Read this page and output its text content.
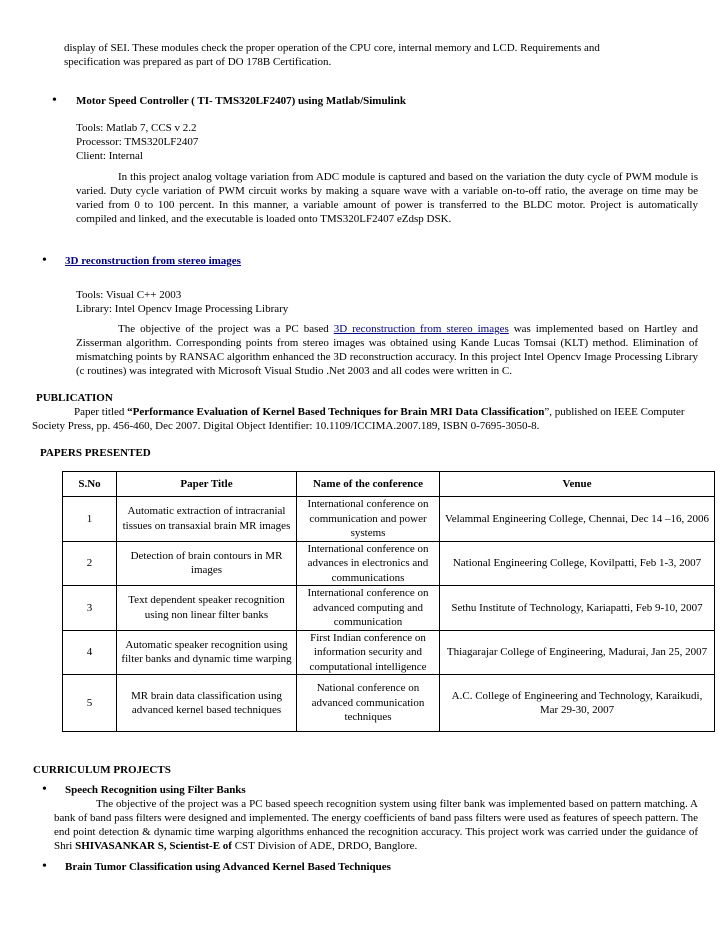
display of SEI. These modules check the proper operation of the CPU core, internal memory and LCD. Requirements and
specification was prepared as part of DO 178B Certification.
• Motor Speed Controller ( TI- TMS320LF2407) using Matlab/Simulink
Tools: Matlab 7, CCS v 2.2
Processor: TMS320LF2407
Client: Internal
In this project analog voltage variation from ADC module is captured and based on the variation the duty cycle of PWM module is varied. Duty cycle variation of PWM circuit works by making a square wave with a variable on-to-off ratio, the average on time may be varied from 0 to 100 percent. In this manner, a variable amount of power is transferred to the BLDC motor. Project is automatically compiled and linked, and the executable is loaded onto TMS320LF2407 eZdsp DSK.
• 3D reconstruction from stereo images
Tools: Visual C++ 2003
Library: Intel Opencv Image Processing Library
The objective of the project was a PC based 3D reconstruction from stereo images was implemented based on Hartley and Zisserman algorithm. Corresponding points from stereo images was obtained using Kande Lucas Tomsai (KLT) method. Elimination of mismatching points by RANSAC algorithm enhanced the 3D reconstruction accuracy. In this project Intel Opencv Image Processing Library (c routines) was integrated with Microsoft Visual Studio .Net 2003 and all codes were written in C.
PUBLICATION
Paper titled “Performance Evaluation of Kernel Based Techniques for Brain MRI Data Classification”, published on IEEE Computer Society Press, pp. 456-460, Dec 2007. Digital Object Identifier: 10.1109/ICCIMA.2007.189, ISBN 0-7695-3050-8.
PAPERS PRESENTED
S.No	Paper Title	Name of the conference	Venue
1	Automatic extraction of intracranial tissues on transaxial brain MR images	International conference on communication and power systems	Velammal Engineering College, Chennai, Dec 14 –16, 2006
2	Detection of brain contours in MR images	International conference on advances in electronics and communications	National Engineering College, Kovilpatti, Feb 1-3, 2007
3	Text dependent speaker recognition using non linear filter banks	International conference on advanced computing and communication	Sethu Institute of Technology, Kariapatti, Feb 9-10, 2007
4	Automatic speaker recognition using filter banks and dynamic time warping	First Indian conference on information security and computational intelligence	Thiagarajar College of Engineering, Madurai, Jan 25, 2007
5	MR brain data classification using advanced kernel based techniques	National conference on advanced communication techniques	A.C. College of Engineering and Technology, Karaikudi, Mar 29-30, 2007
CURRICULUM PROJECTS
• Speech Recognition using Filter Banks
The objective of the project was a PC based speech recognition system using filter bank was implemented based on pattern matching. A bank of band pass filters were designed and implemented. The energy coefficients of band pass filters were used as features of speech pattern. The end point detection & dynamic time warping algorithms enhanced the recognition accuracy. This project work was carried under the guidance of Shri SHIVASANKAR S, Scientist-E of CST Division of ADE, DRDO, Banglore.
• Brain Tumor Classification using Advanced Kernel Based Techniques
